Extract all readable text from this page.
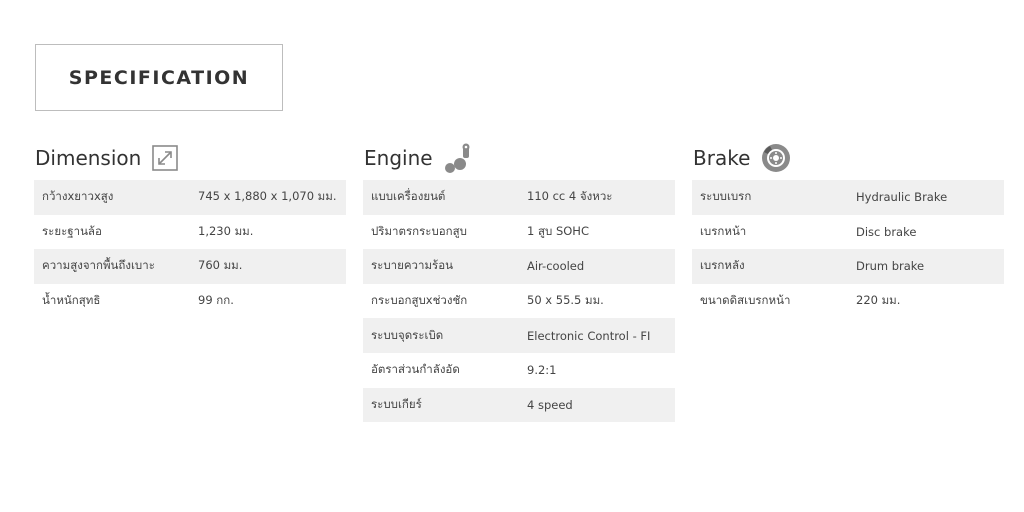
SPECIFICATION
Dimension
กว้างxยาวxสูง	745 x 1,880 x 1,070 มม.
ระยะฐานล้อ	1,230 มม.
ความสูงจากพื้นถึงเบาะ	760 มม.
น้ำหนักสุทธิ	99 กก.
Engine
แบบเครื่องยนต์	110 cc 4 จังหวะ
ปริมาตรกระบอกสูบ	1 สูบ SOHC
ระบายความร้อน	Air-cooled
กระบอกสูบxช่วงชัก	50 x 55.5 มม.
ระบบจุดระเบิด	Electronic Control - FI
อัตราส่วนกำลังอัด	9.2:1
ระบบเกียร์	4 speed
Brake
ระบบเบรก	Hydraulic Brake
เบรกหน้า	Disc brake
เบรกหลัง	Drum brake
ขนาดดิสเบรกหน้า	220 มม.
